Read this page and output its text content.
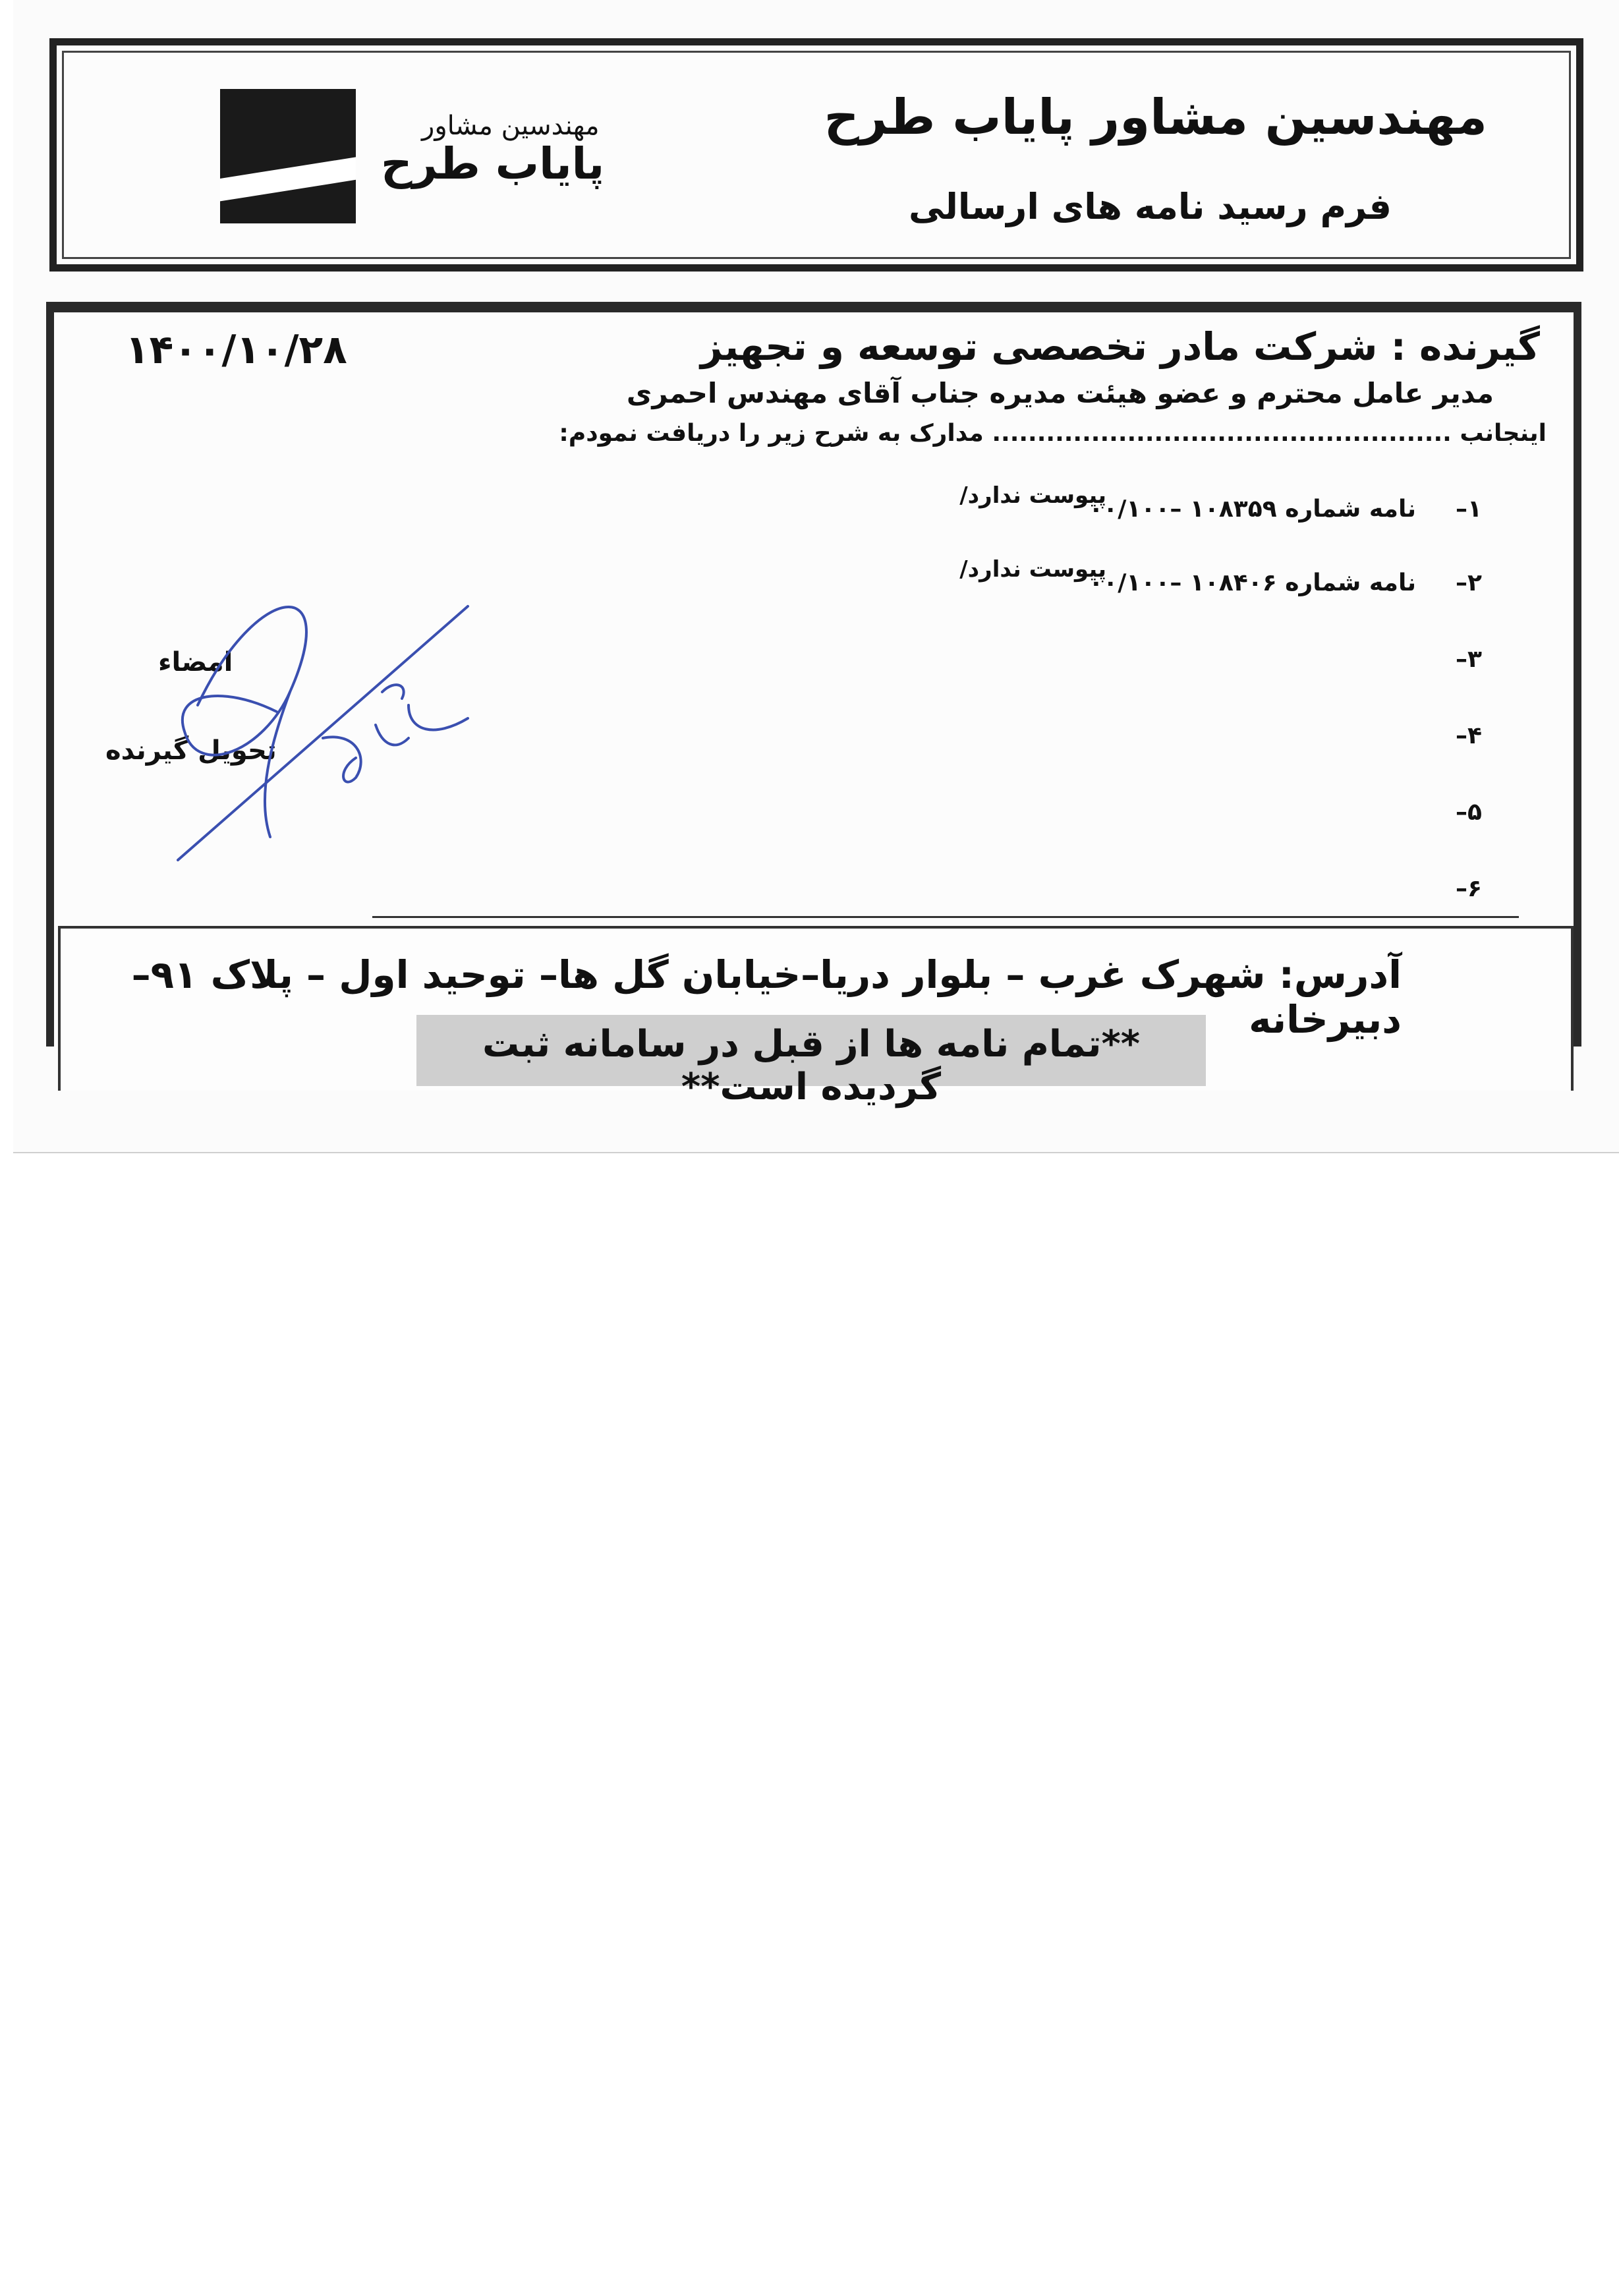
مهندسین مشاور پایاب طرح
فرم رسید نامه های ارسالی
مهندسین مشاور
پایاب طرح
گیرنده : شرکت مادر تخصصی توسعه و تجهیز
۱۴۰۰/۱۰/۲۸
مدیر عامل محترم و عضو هیئت مدیره جناب آقای مهندس احمری
اینجانب ................................................... مدارک به شرح زیر را دریافت نمودم:
۱–
نامه شماره ۱۰۸۳۵۹ –۰۰/۱۰۰
پیوست ندارد/
۲–
نامه شماره ۱۰۸۴۰۶ –۰۰/۱۰۰
پیوست ندارد/
۳–
۴–
۵–
۶–
امضاء
تحویل گیرنده
آدرس: شهرک غرب – بلوار دریا–خیابان گل ها– توحید اول – پلاک ۹۱– دبیرخانه
**تمام نامه ها از قبل در سامانه ثبت گردیده است**
